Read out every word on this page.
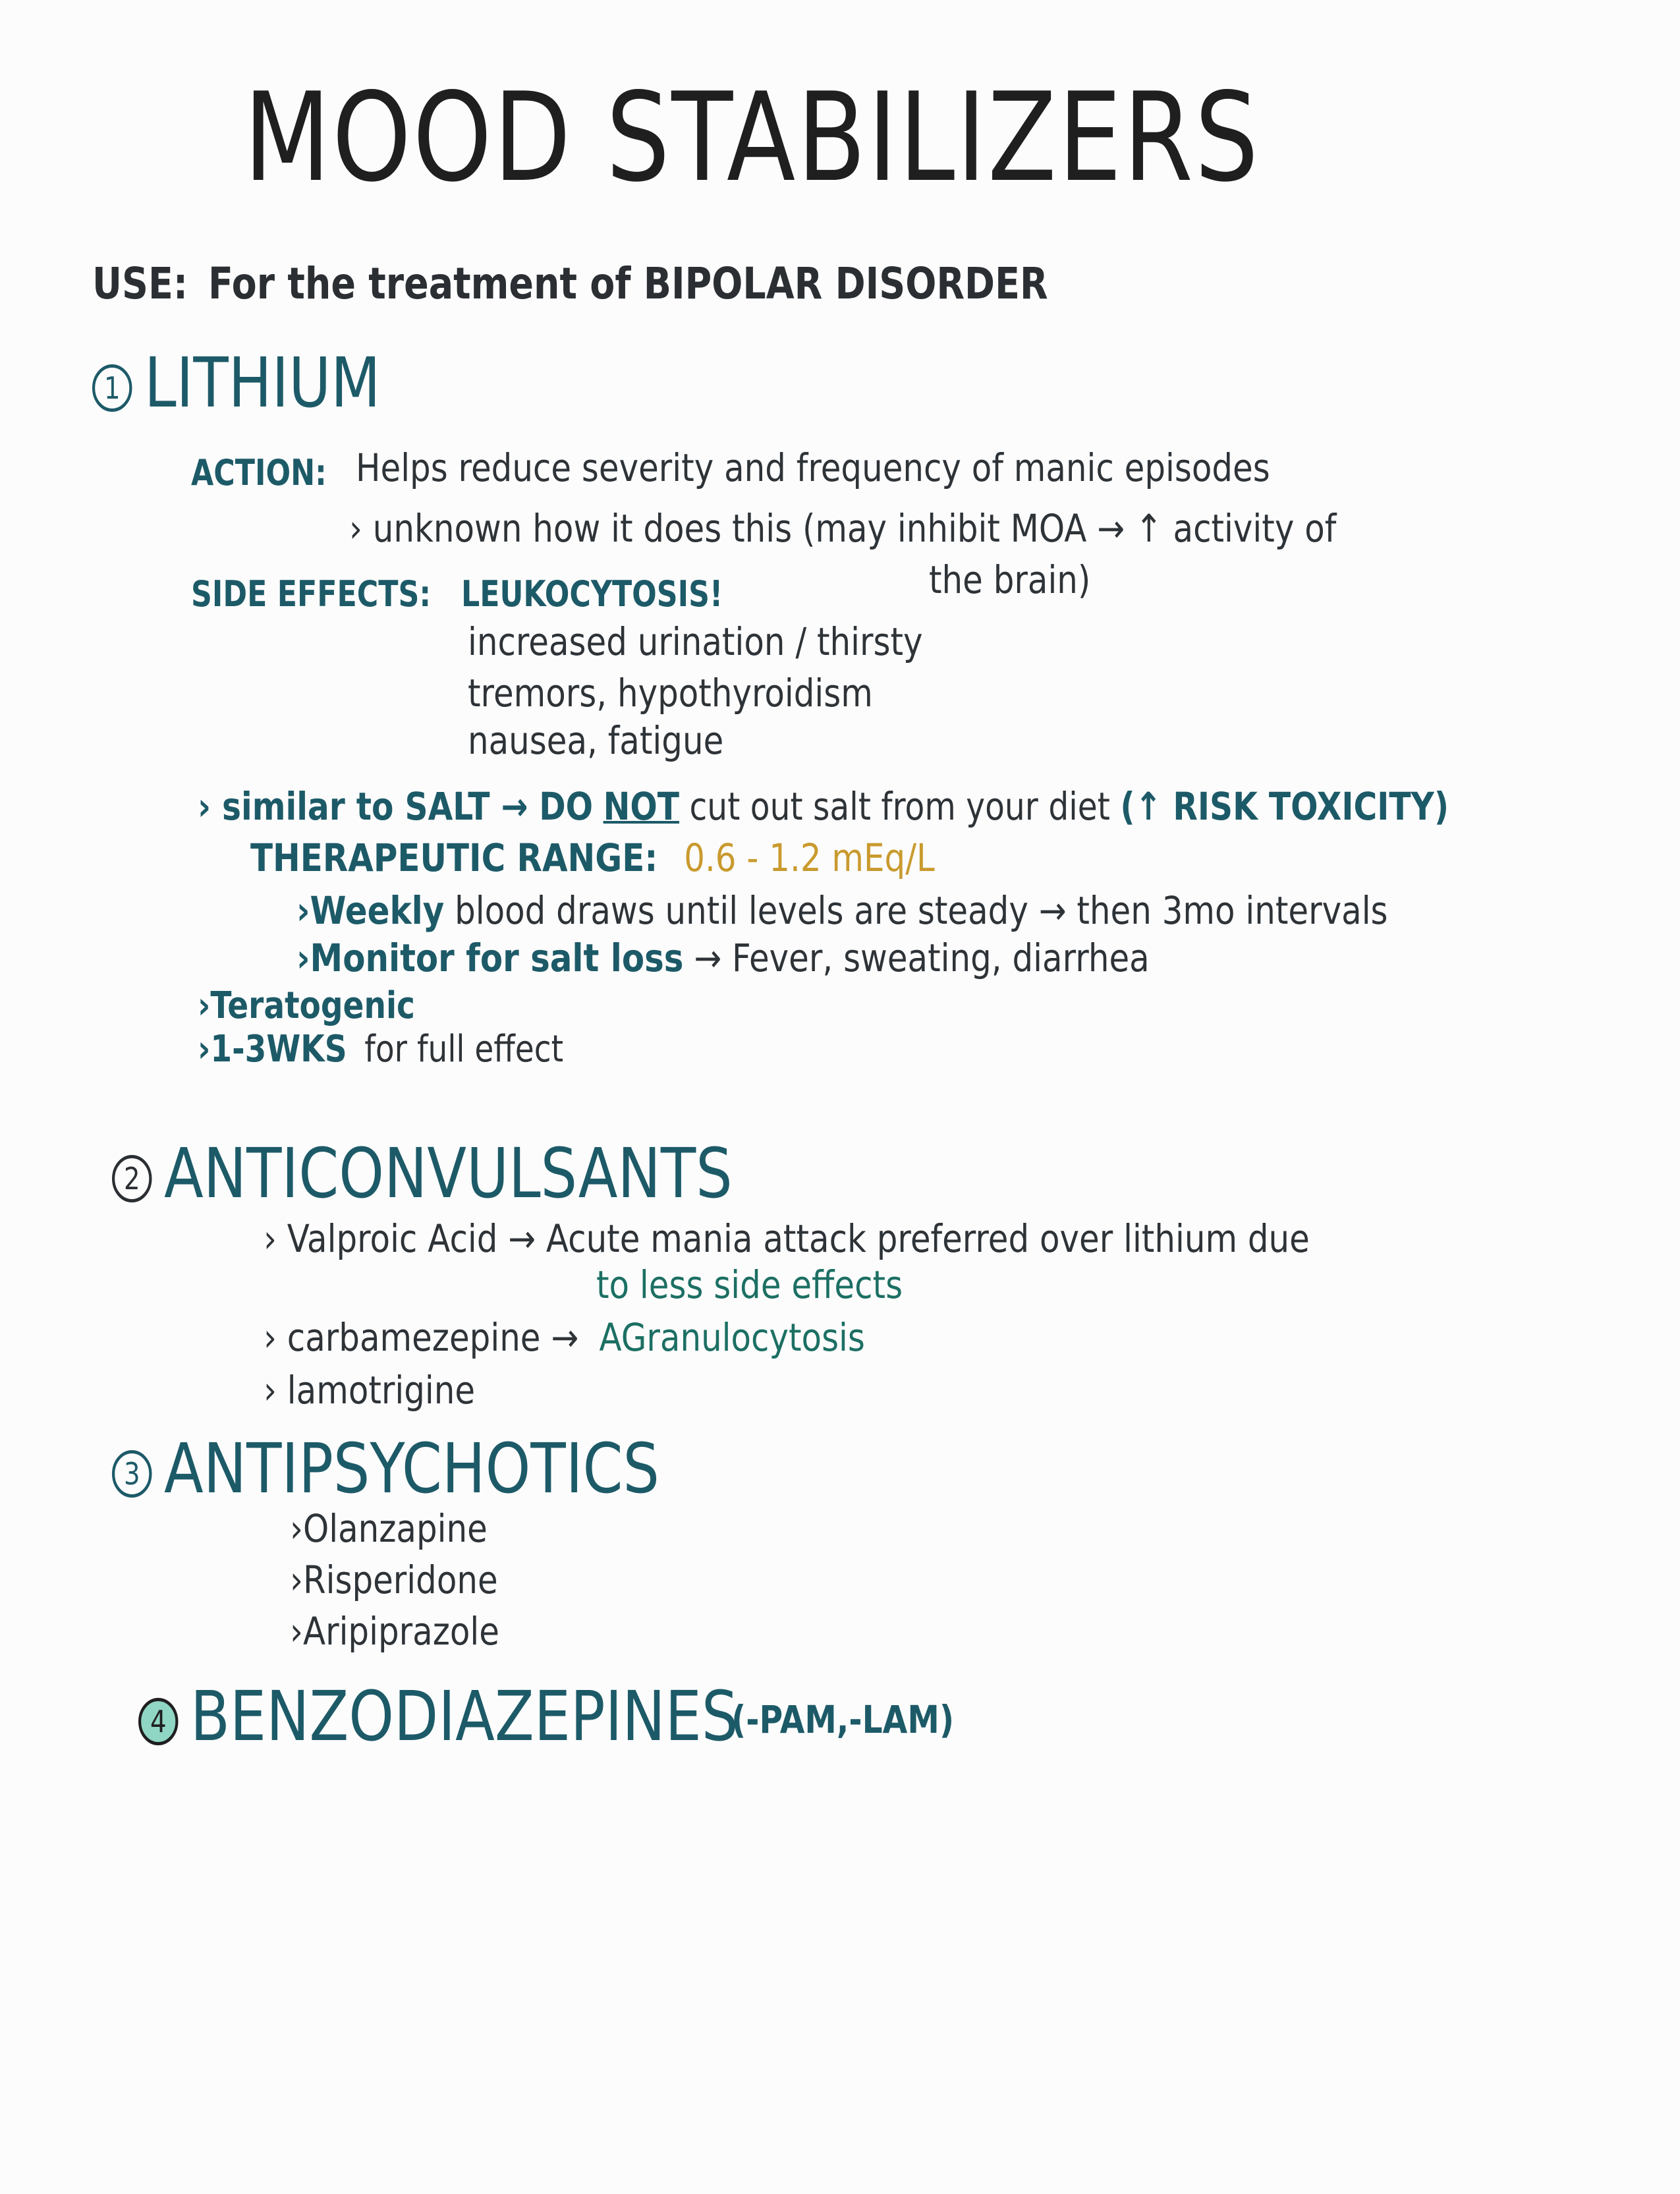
MOOD STABILIZERS
USE: For the treatment of BIPOLAR DISORDER
1 LITHIUM
ACTION: Helps reduce severity and frequency of manic episodes
› unknown how it does this (may inhibit MOA → ↑ activity of
the brain)
SIDE EFFECTS: LEUKOCYTOSIS!
increased urination / thirsty
tremors, hypothyroidism
nausea, fatigue
› similar to SALT → DO NOT cut out salt from your diet (↑ RISK TOXICITY)
THERAPEUTIC RANGE: 0.6 - 1.2 mEq/L
›Weekly blood draws until levels are steady → then 3mo intervals
›Monitor for salt loss → Fever, sweating, diarrhea
›Teratogenic
›1-3WKS for full effect
2 ANTICONVULSANTS
› Valproic Acid → Acute mania attack preferred over lithium due
to less side effects
› carbamezepine → AGranulocytosis
› lamotrigine
3 ANTIPSYCHOTICS
›Olanzapine
›Risperidone
›Aripiprazole
4 BENZODIAZEPINES
(-PAM,-LAM)
